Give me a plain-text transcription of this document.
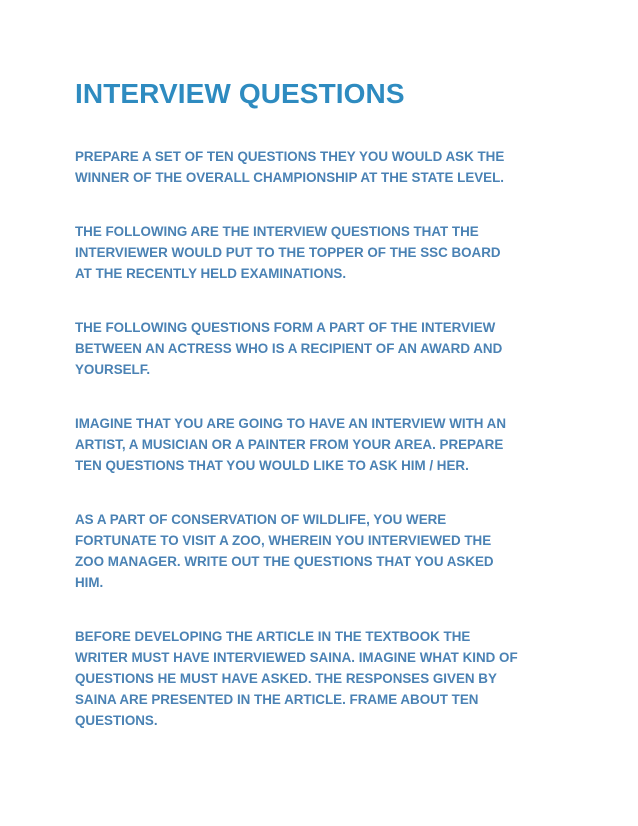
INTERVIEW QUESTIONS

PREPARE A SET OF TEN QUESTIONS THEY YOU WOULD ASK THE
WINNER OF THE OVERALL CHAMPIONSHIP AT THE STATE LEVEL.

THE FOLLOWING ARE THE INTERVIEW QUESTIONS THAT THE
INTERVIEWER WOULD PUT TO THE TOPPER OF THE SSC BOARD
AT THE RECENTLY HELD EXAMINATIONS.

THE FOLLOWING QUESTIONS FORM A PART OF THE INTERVIEW
BETWEEN AN ACTRESS WHO IS A RECIPIENT OF AN AWARD AND
YOURSELF.

IMAGINE THAT YOU ARE GOING TO HAVE AN INTERVIEW WITH AN
ARTIST, A MUSICIAN OR A PAINTER FROM YOUR AREA. PREPARE
TEN QUESTIONS THAT YOU WOULD LIKE TO ASK HIM / HER.

AS A PART OF CONSERVATION OF WILDLIFE, YOU WERE
FORTUNATE TO VISIT A ZOO, WHEREIN YOU INTERVIEWED THE
ZOO MANAGER. WRITE OUT THE QUESTIONS THAT YOU ASKED
HIM.

BEFORE DEVELOPING THE ARTICLE IN THE TEXTBOOK THE
WRITER MUST HAVE INTERVIEWED SAINA. IMAGINE WHAT KIND OF
QUESTIONS HE MUST HAVE ASKED. THE RESPONSES GIVEN BY
SAINA ARE PRESENTED IN THE ARTICLE. FRAME ABOUT TEN
QUESTIONS.
